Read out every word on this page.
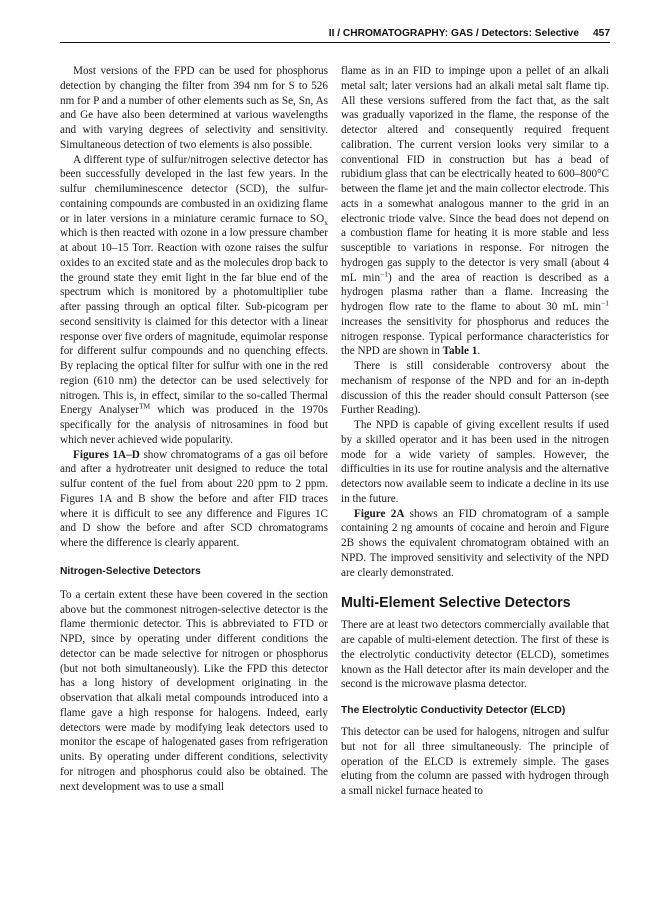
II / CHROMATOGRAPHY: GAS / Detectors: Selective 457

Most versions of the FPD can be used for phosphorus detection by changing the filter from 394 nm for S to 526 nm for P and a number of other elements such as Se, Sn, As and Ge have also been determined at various wavelengths and with varying degrees of selectivity and sensitivity. Simultaneous detection of two elements is also possible.

A different type of sulfur/nitrogen selective detector has been successfully developed in the last few years. In the sulfur chemiluminescence detector (SCD), the sulfur-containing compounds are combusted in an oxidizing flame or in later versions in a miniature ceramic furnace to $SO_x$ which is then reacted with ozone in a low pressure chamber at about 10–15 Torr. Reaction with ozone raises the sulfur oxides to an excited state and as the molecules drop back to the ground state they emit light in the far blue end of the spectrum which is monitored by a photomultiplier tube after passing through an optical filter. Sub-picogram per second sensitivity is claimed for this detector with a linear response over five orders of magnitude, equimolar response for different sulfur compounds and no quenching effects. By replacing the optical filter for sulfur with one in the red region (610 nm) the detector can be used selectively for nitrogen. This is, in effect, similar to the so-called Thermal Energy Analyser™ which was produced in the 1970s specifically for the analysis of nitrosamines in food but which never achieved wide popularity.

Figures 1A–D show chromatograms of a gas oil before and after a hydrotreater unit designed to reduce the total sulfur content of the fuel from about 220 ppm to 2 ppm. Figures 1A and B show the before and after FID traces where it is difficult to see any difference and Figures 1C and D show the before and after SCD chromatograms where the difference is clearly apparent.

Nitrogen-Selective Detectors

To a certain extent these have been covered in the section above but the commonest nitrogen-selective detector is the flame thermionic detector. This is abbreviated to FTD or NPD, since by operating under different conditions the detector can be made selective for nitrogen or phosphorus (but not both simultaneously). Like the FPD this detector has a long history of development originating in the observation that alkali metal compounds introduced into a flame gave a high response for halogens. Indeed, early detectors were made by modifying leak detectors used to monitor the escape of halogenated gases from refrigeration units. By operating under different conditions, selectivity for nitrogen and phosphorus could also be obtained. The next development was to use a small

flame as in an FID to impinge upon a pellet of an alkali metal salt; later versions had an alkali metal salt flame tip. All these versions suffered from the fact that, as the salt was gradually vaporized in the flame, the response of the detector altered and consequently required frequent calibration. The current version looks very similar to a conventional FID in construction but has a bead of rubidium glass that can be electrically heated to 600–800°C between the flame jet and the main collector electrode. This acts in a somewhat analogous manner to the grid in an electronic triode valve. Since the bead does not depend on a combustion flame for heating it is more stable and less susceptible to variations in response. For nitrogen the hydrogen gas supply to the detector is very small (about 4 mL $\min^{-1}$) and the area of reaction is described as a hydrogen plasma rather than a flame. Increasing the hydrogen flow rate to the flame to about 30 mL $\min^{-1}$ increases the sensitivity for phosphorus and reduces the nitrogen response. Typical performance characteristics for the NPD are shown in Table 1.

There is still considerable controversy about the mechanism of response of the NPD and for an in-depth discussion of this the reader should consult Patterson (see Further Reading).

The NPD is capable of giving excellent results if used by a skilled operator and it has been used in the nitrogen mode for a wide variety of samples. However, the difficulties in its use for routine analysis and the alternative detectors now available seem to indicate a decline in its use in the future.

Figure 2A shows an FID chromatogram of a sample containing 2 ng amounts of cocaine and heroin and Figure 2B shows the equivalent chromatogram obtained with an NPD. The improved sensitivity and selectivity of the NPD are clearly demonstrated.

Multi-Element Selective Detectors

There are at least two detectors commercially available that are capable of multi-element detection. The first of these is the electrolytic conductivity detector (ELCD), sometimes known as the Hall detector after its main developer and the second is the microwave plasma detector.

The Electrolytic Conductivity Detector (ELCD)

This detector can be used for halogens, nitrogen and sulfur but not for all three simultaneously. The principle of operation of the ELCD is extremely simple. The gases eluting from the column are passed with hydrogen through a small nickel furnace heated to
